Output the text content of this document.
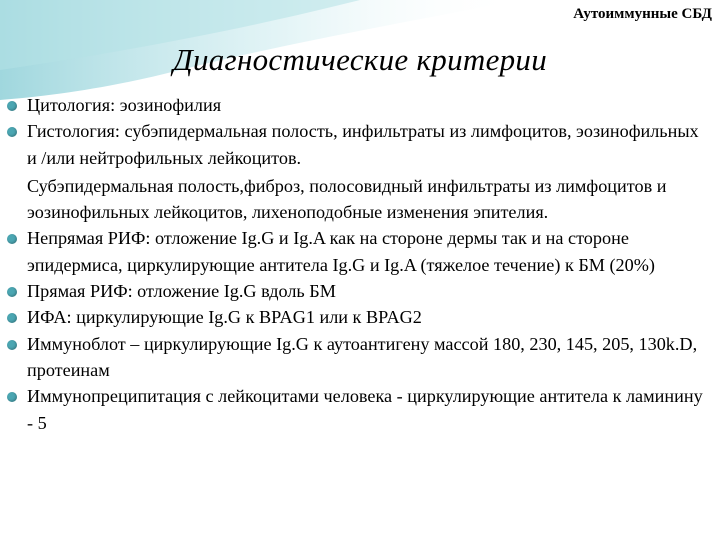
Аутоиммунные СБД
Диагностические критерии
Цитология: эозинофилия
Гистология: субэпидермальная полость, инфильтраты из лимфоцитов, эозинофильных и /или нейтрофильных лейкоцитов.
Субэпидермальная полость,фиброз, полосовидный инфильтраты из лимфоцитов и эозинофильных лейкоцитов, лихеноподобные изменения эпителия.
Непрямая РИФ: отложение Ig.G и Ig.A как на стороне дермы так и на стороне эпидермиса, циркулирующие антитела Ig.G и Ig.A (тяжелое течение) к БМ (20%)
Прямая РИФ: отложение Ig.G вдоль БМ
ИФА: циркулирующие Ig.G к BPAG1 или к BPAG2
Иммуноблот – циркулирующие Ig.G к аутоантигену массой 180, 230, 145, 205, 130k.D, протеинам
Иммунопреципитация с лейкоцитами человека - циркулирующие антитела к ламинину - 5
